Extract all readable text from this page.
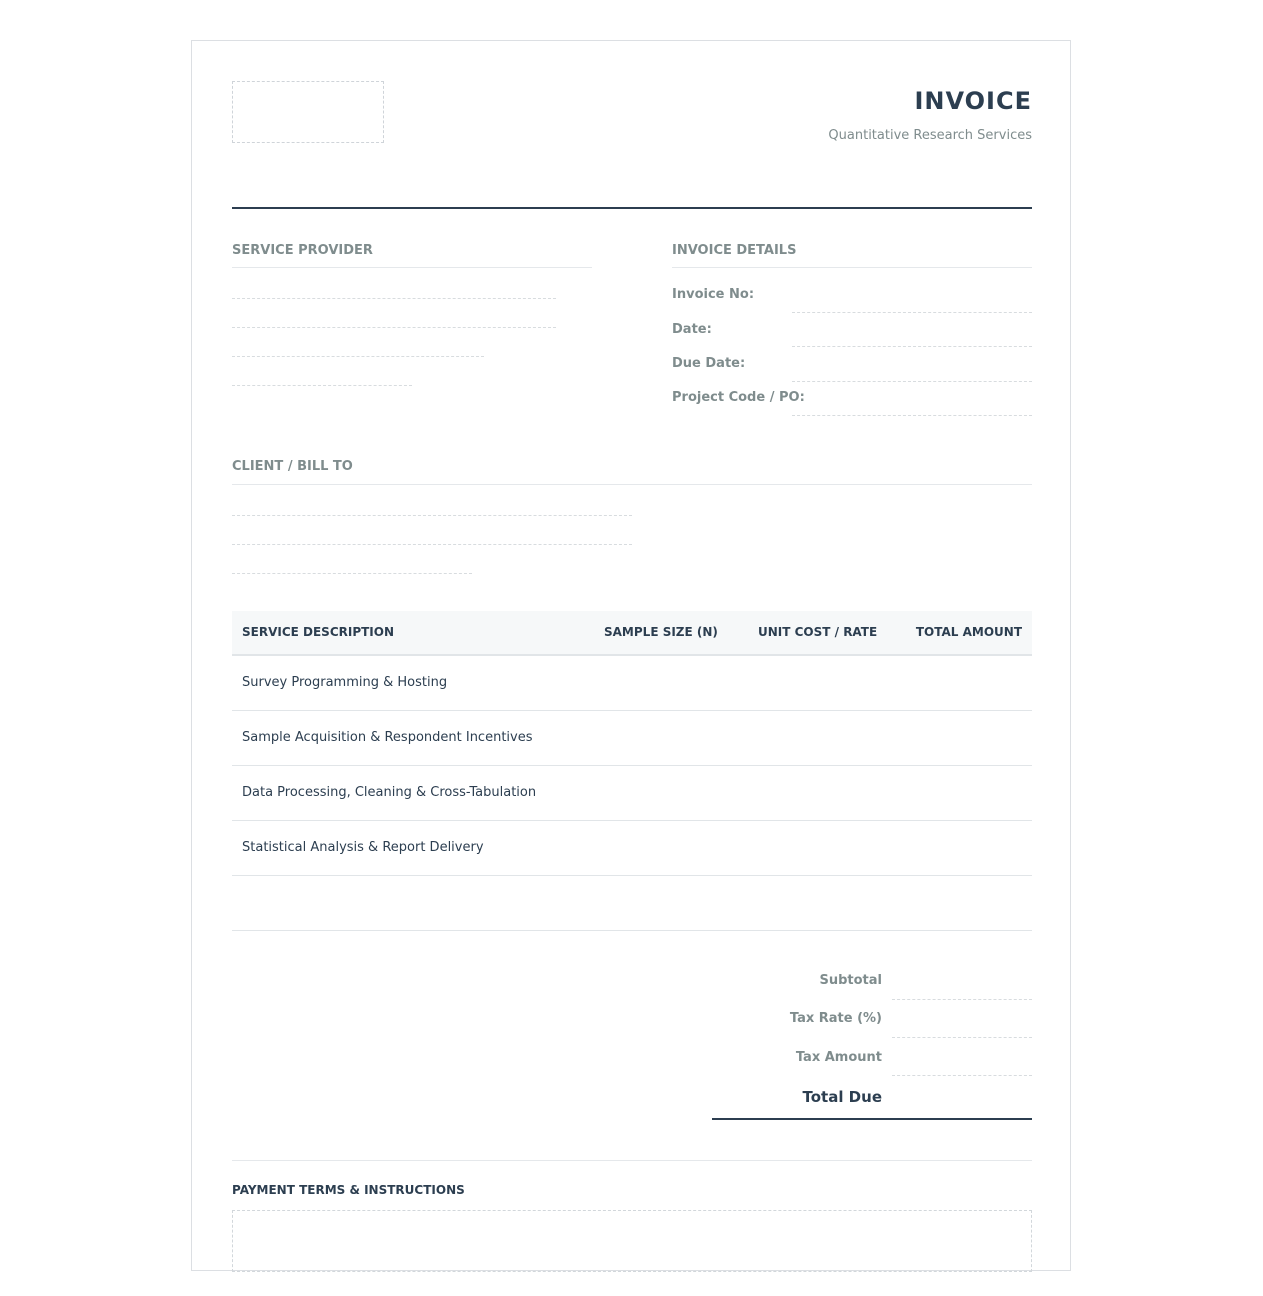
INVOICE
Quantitative Research Services
SERVICE PROVIDER	INVOICE DETAILS
Invoice No:
Date:
Due Date:
Project Code / PO:
CLIENT / BILL TO
SERVICE DESCRIPTION	SAMPLE SIZE (N)	UNIT COST / RATE	TOTAL AMOUNT
Survey Programming & Hosting
Sample Acquisition & Respondent Incentives
Data Processing, Cleaning & Cross-Tabulation
Statistical Analysis & Report Delivery
Subtotal
Tax Rate (%)
Tax Amount
Total Due
PAYMENT TERMS & INSTRUCTIONS
